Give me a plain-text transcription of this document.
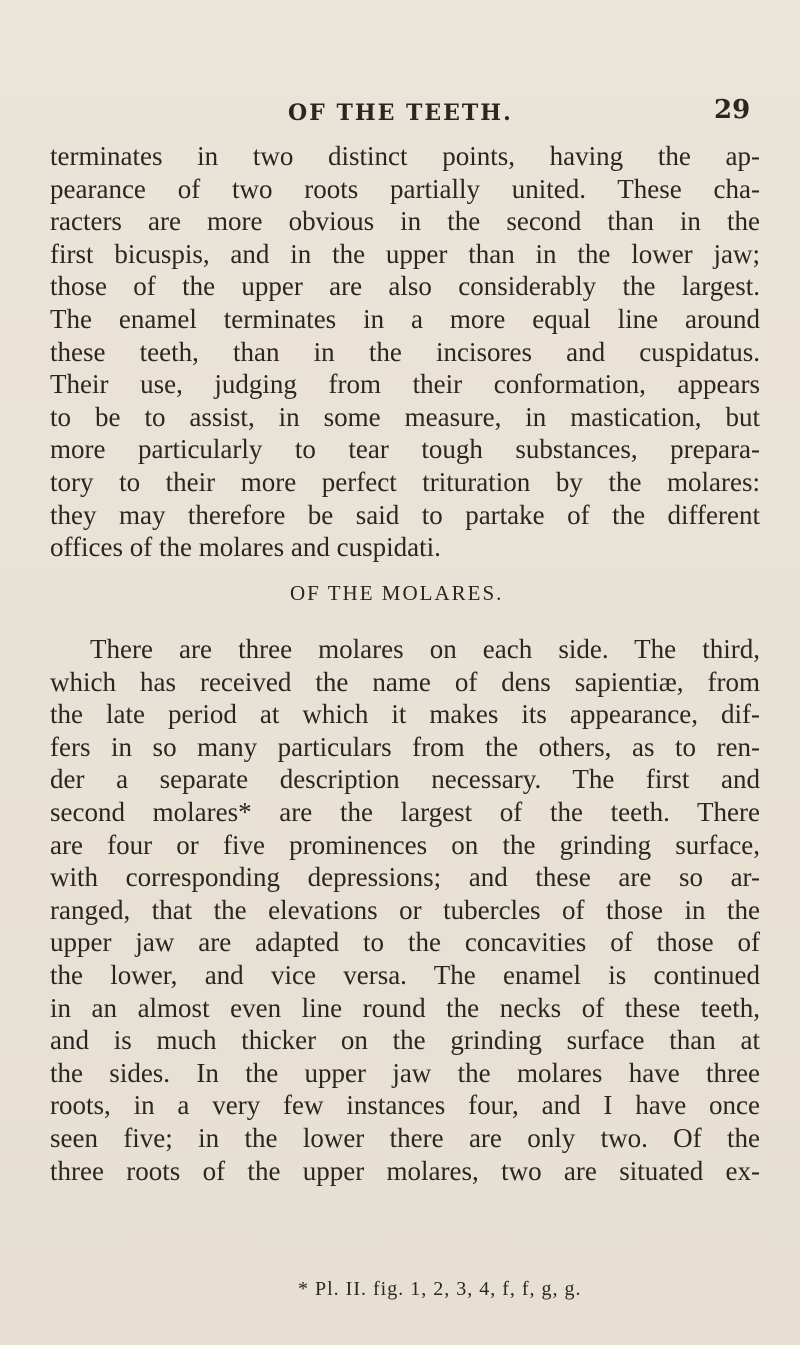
OF THE TEETH.	29
terminates in two distinct points, having the ap-
pearance of two roots partially united. These cha-
racters are more obvious in the second than in the
first bicuspis, and in the upper than in the lower jaw;
those of the upper are also considerably the largest.
The enamel terminates in a more equal line around
these teeth, than in the incisores and cuspidatus.
Their use, judging from their conformation, appears
to be to assist, in some measure, in mastication, but
more particularly to tear tough substances, prepara-
tory to their more perfect trituration by the molares:
they may therefore be said to partake of the different
offices of the molares and cuspidati.
OF THE MOLARES.
There are three molares on each side. The third,
which has received the name of dens sapientiæ, from
the late period at which it makes its appearance, dif-
fers in so many particulars from the others, as to ren-
der a separate description necessary. The first and
second molares* are the largest of the teeth. There
are four or five prominences on the grinding surface,
with corresponding depressions; and these are so ar-
ranged, that the elevations or tubercles of those in the
upper jaw are adapted to the concavities of those of
the lower, and vice versa. The enamel is continued
in an almost even line round the necks of these teeth,
and is much thicker on the grinding surface than at
the sides. In the upper jaw the molares have three
roots, in a very few instances four, and I have once
seen five; in the lower there are only two. Of the
three roots of the upper molares, two are situated ex-
* Pl. II. fig. 1, 2, 3, 4, f, f, g, g.
